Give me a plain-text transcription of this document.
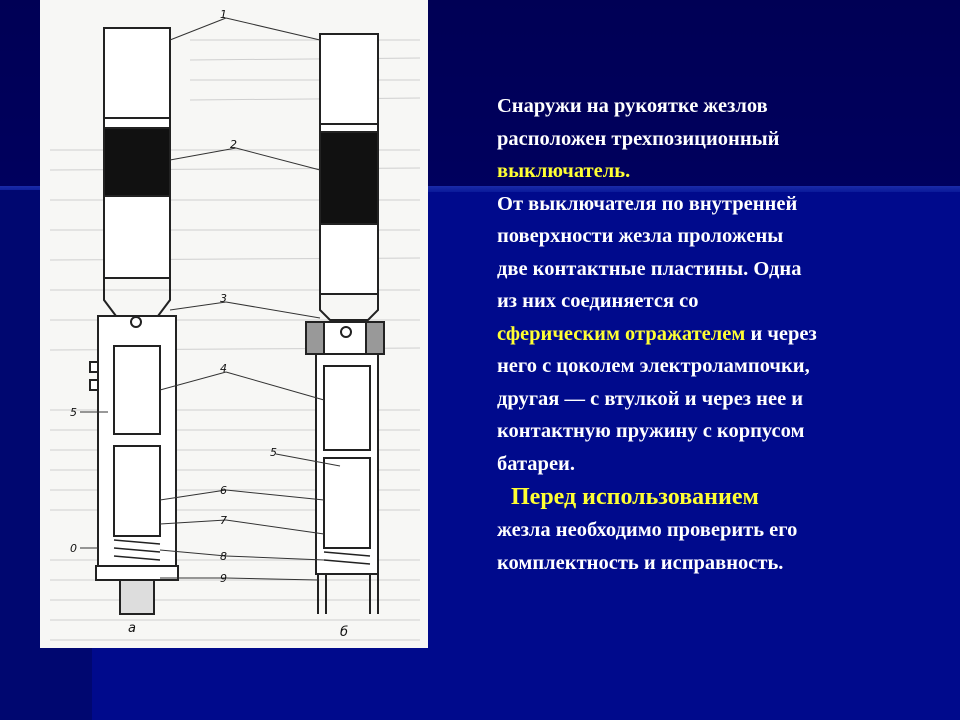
1
2
3
4
5
0
6
7
8
9
5
а	б
Снаружи на рукоятке жезлов
расположен трехпозиционный
выключатель.
От выключателя по внутренней
поверхности жезла проложены
две контактные пластины. Одна
из них соединяется со
сферическим отражателем и через
него с цоколем электролампочки,
другая — с втулкой и через нее и
контактную пружину с корпусом
батареи.
Перед использованием
жезла необходимо проверить его
комплектность и исправность.
